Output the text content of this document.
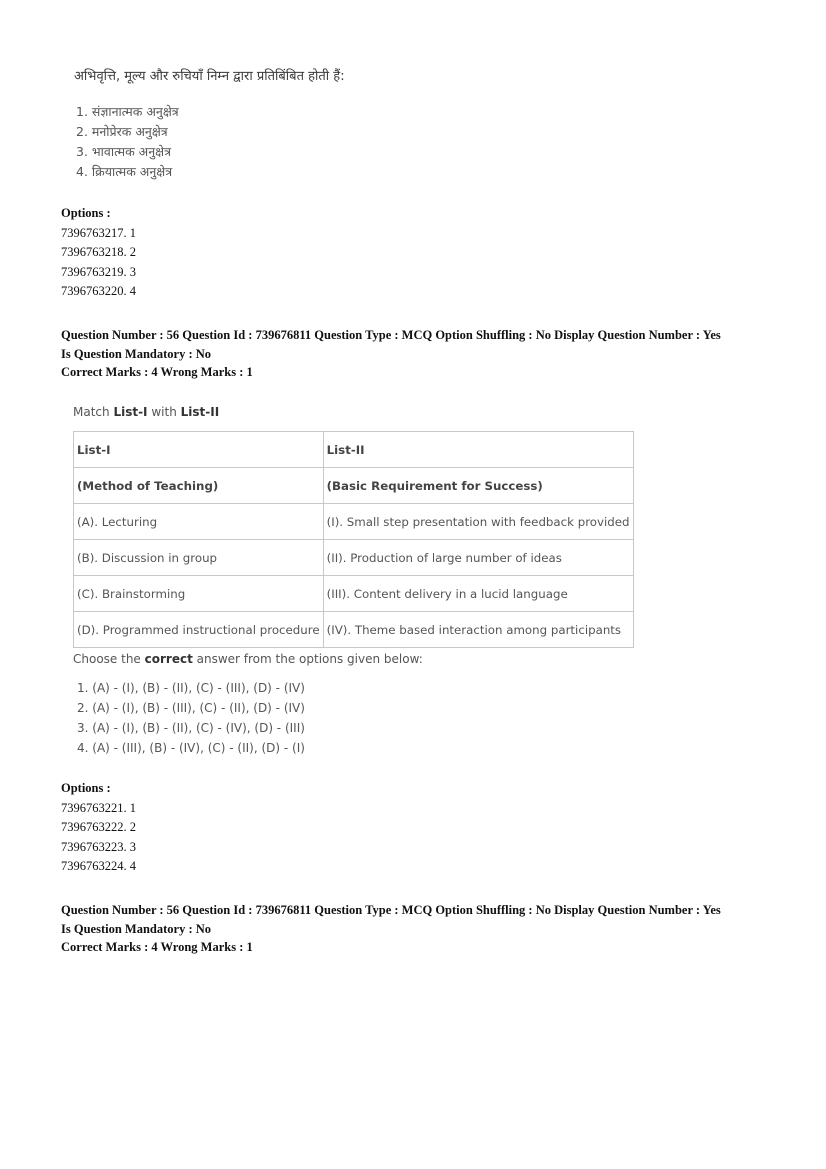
अभिवृत्ति, मूल्य और रुचियाँ निम्न द्वारा प्रतिबिंबित होती हैं:
1. संज्ञानात्मक अनुक्षेत्र
2. मनोप्रेरक अनुक्षेत्र
3. भावात्मक अनुक्षेत्र
4. क्रियात्मक अनुक्षेत्र
Options :
7396763217. 1
7396763218. 2
7396763219. 3
7396763220. 4
Question Number : 56 Question Id : 739676811 Question Type : MCQ Option Shuffling : No Display Question Number : Yes
Is Question Mandatory : No
Correct Marks : 4 Wrong Marks : 1
Match List-I with List-II
List-I	List-II
(Method of Teaching)	(Basic Requirement for Success)
(A). Lecturing	(I). Small step presentation with feedback provided
(B). Discussion in group	(II). Production of large number of ideas
(C). Brainstorming	(III). Content delivery in a lucid language
(D). Programmed instructional procedure	(IV). Theme based interaction among participants
Choose the correct answer from the options given below:
1. (A) - (I), (B) - (II), (C) - (III), (D) - (IV)
2. (A) - (I), (B) - (III), (C) - (II), (D) - (IV)
3. (A) - (I), (B) - (II), (C) - (IV), (D) - (III)
4. (A) - (III), (B) - (IV), (C) - (II), (D) - (I)
Options :
7396763221. 1
7396763222. 2
7396763223. 3
7396763224. 4
Question Number : 56 Question Id : 739676811 Question Type : MCQ Option Shuffling : No Display Question Number : Yes
Is Question Mandatory : No
Correct Marks : 4 Wrong Marks : 1
